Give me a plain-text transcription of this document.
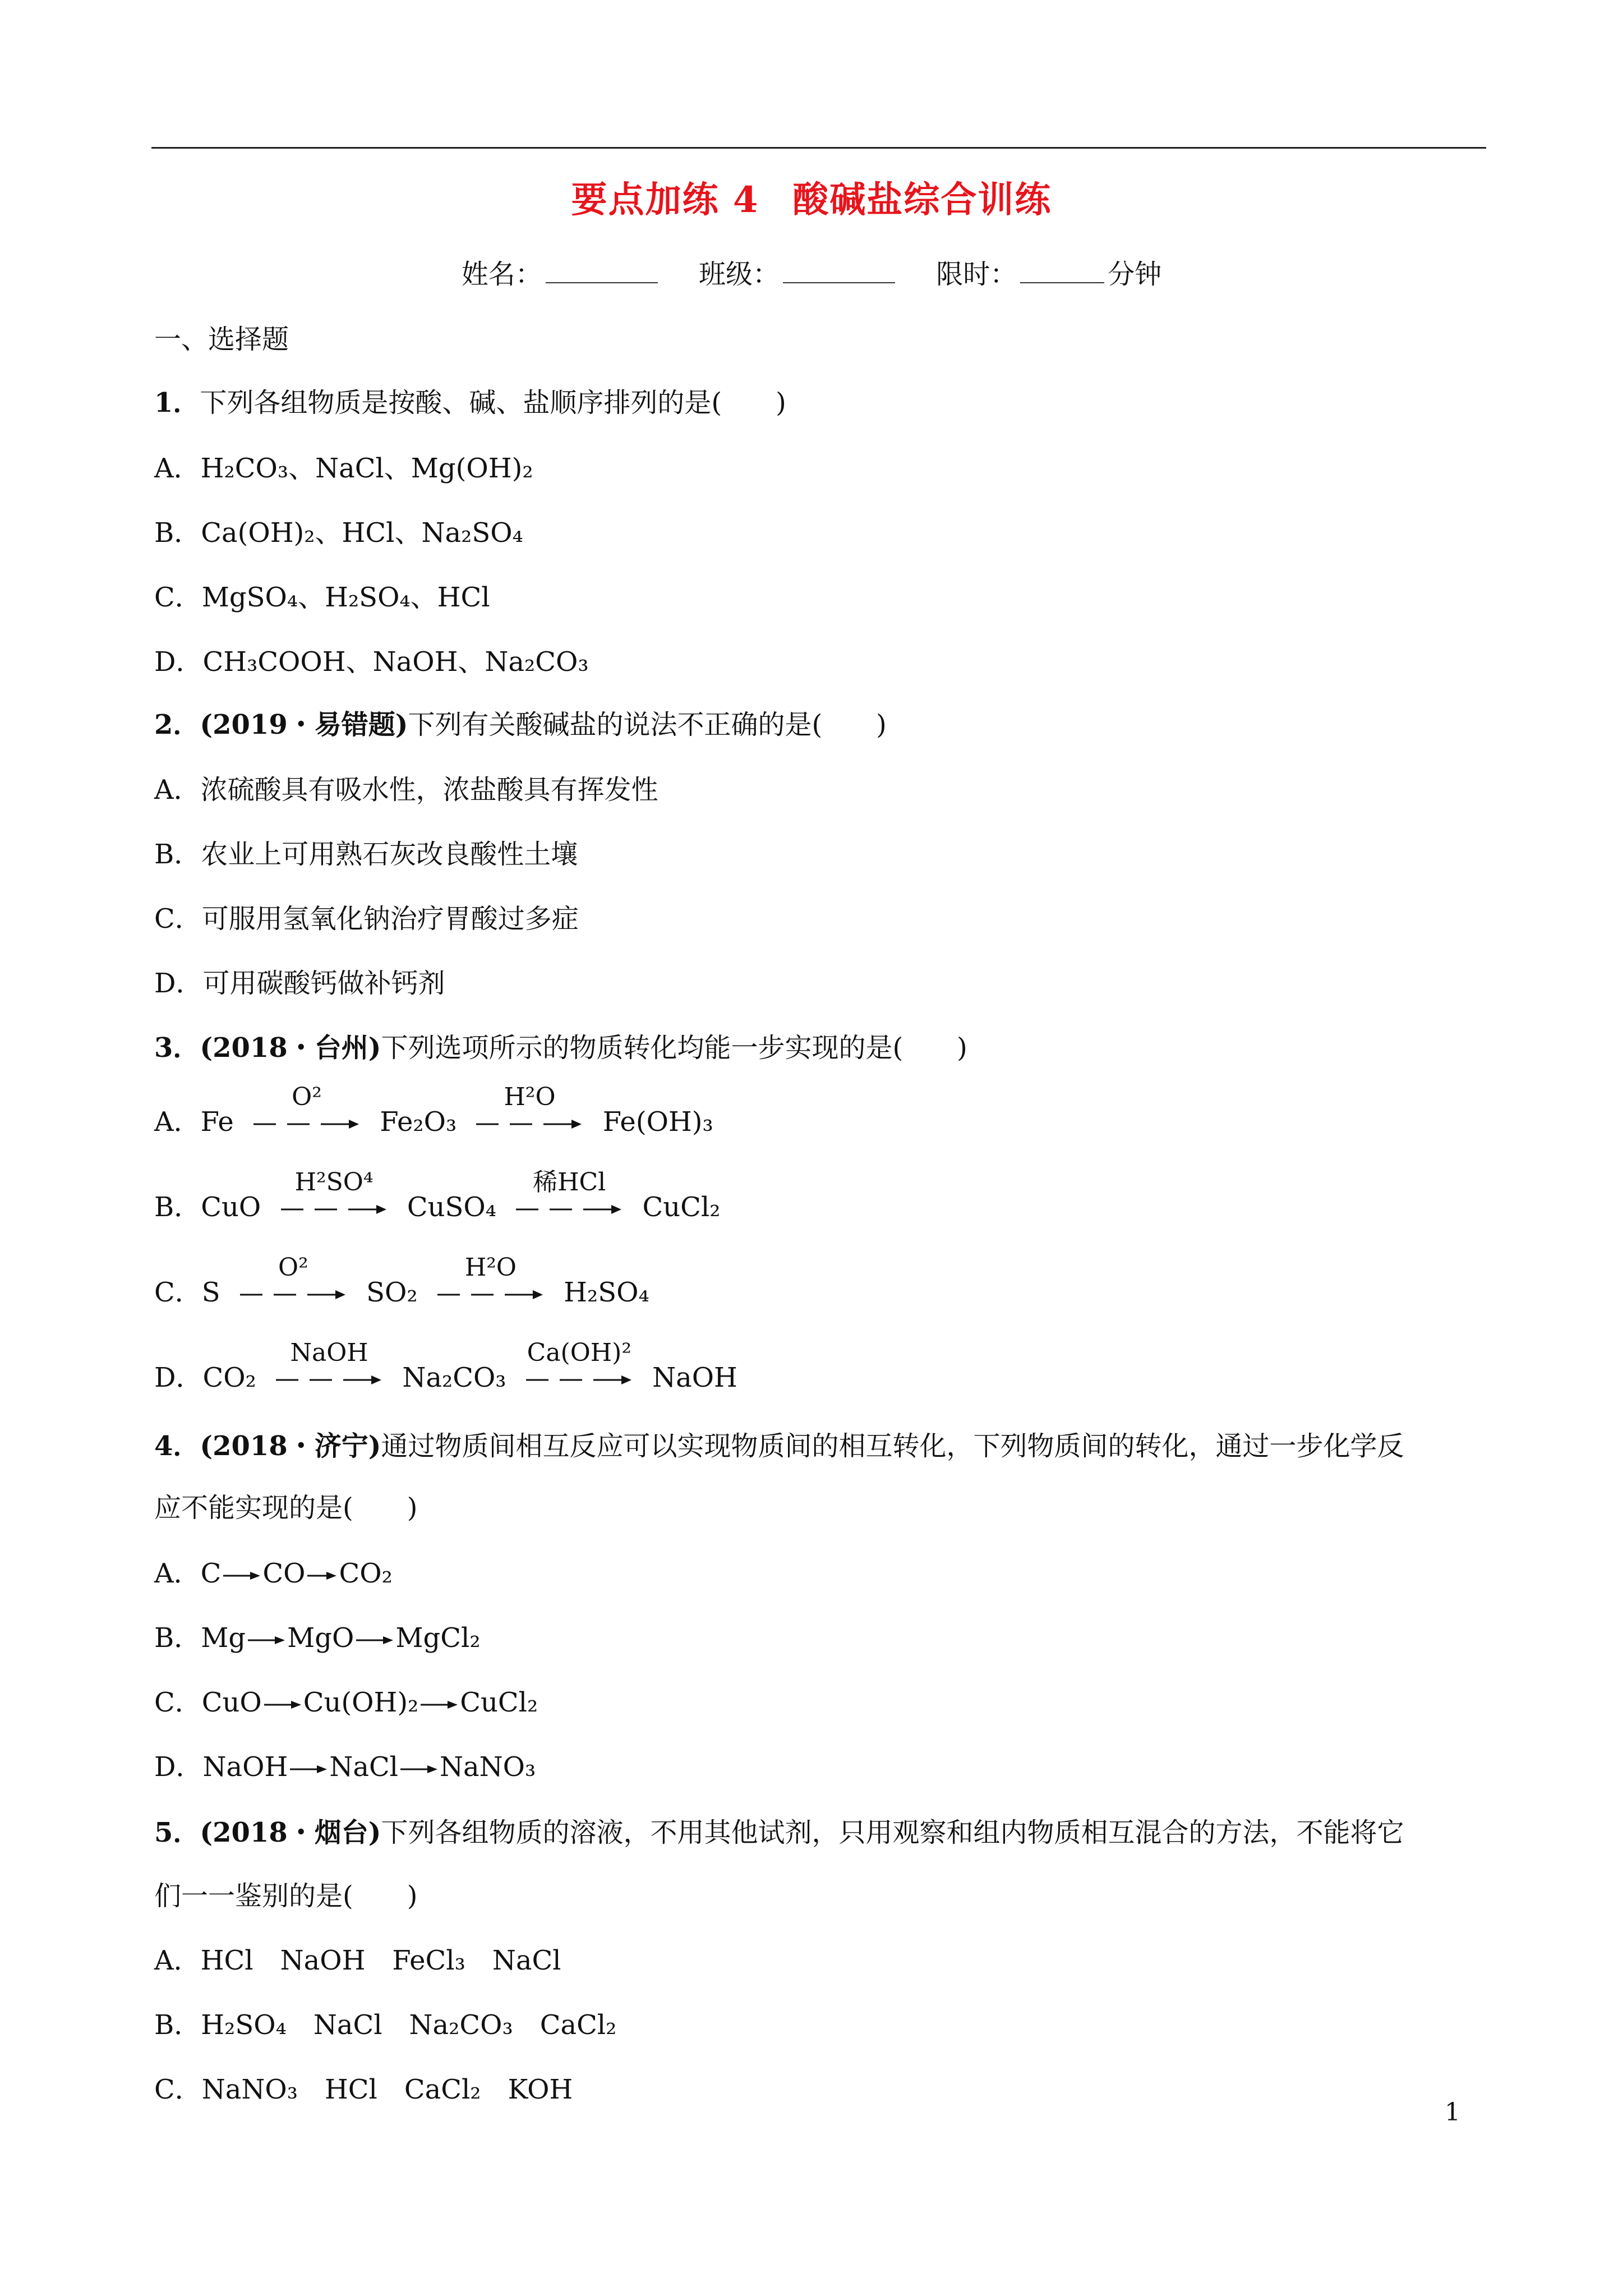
要点加练 4 酸碱盐综合训练
姓名：	班级：	限时：	分钟
一、选择题
1．下列各组物质是按酸、碱、盐顺序排列的是(　　)
A．H₂CO₃、NaCl、Mg(OH)₂
B．Ca(OH)₂、HCl、Na₂SO₄
C．MgSO₄、H₂SO₄、HCl
D．CH₃COOH、NaOH、Na₂CO₃
2．(2019・易错题)下列有关酸碱盐的说法不正确的是(　　)
A．浓硫酸具有吸水性，浓盐酸具有挥发性
B．农业上可用熟石灰改良酸性土壤
C．可服用氢氧化钠治疗胃酸过多症
D．可用碳酸钙做补钙剂
3．(2018・台州)下列选项所示的物质转化均能一步实现的是(　　)
A．Fe
O²
Fe₂O₃
H²O
Fe(OH)₃
B．CuO
H²SO⁴
CuSO₄
稀HCl
CuCl₂
C．S
O²
SO₂
H²O
H₂SO₄
D．CO₂
NaOH
Na₂CO₃
Ca(OH)²
NaOH
4．(2018・济宁)通过物质间相互反应可以实现物质间的相互转化，下列物质间的转化，通过一步化学反
应不能实现的是(　　)
A．C CO CO₂
B．Mg MgO MgCl₂
C．CuO Cu(OH)₂ CuCl₂
D．NaOH NaCl NaNO₃
5．(2018・烟台)下列各组物质的溶液，不用其他试剂，只用观察和组内物质相互混合的方法，不能将它
们一一鉴别的是(　　)
A．HCl　NaOH　FeCl₃　NaCl
B．H₂SO₄　NaCl　Na₂CO₃　CaCl₂
C．NaNO₃　HCl　CaCl₂　KOH
1
